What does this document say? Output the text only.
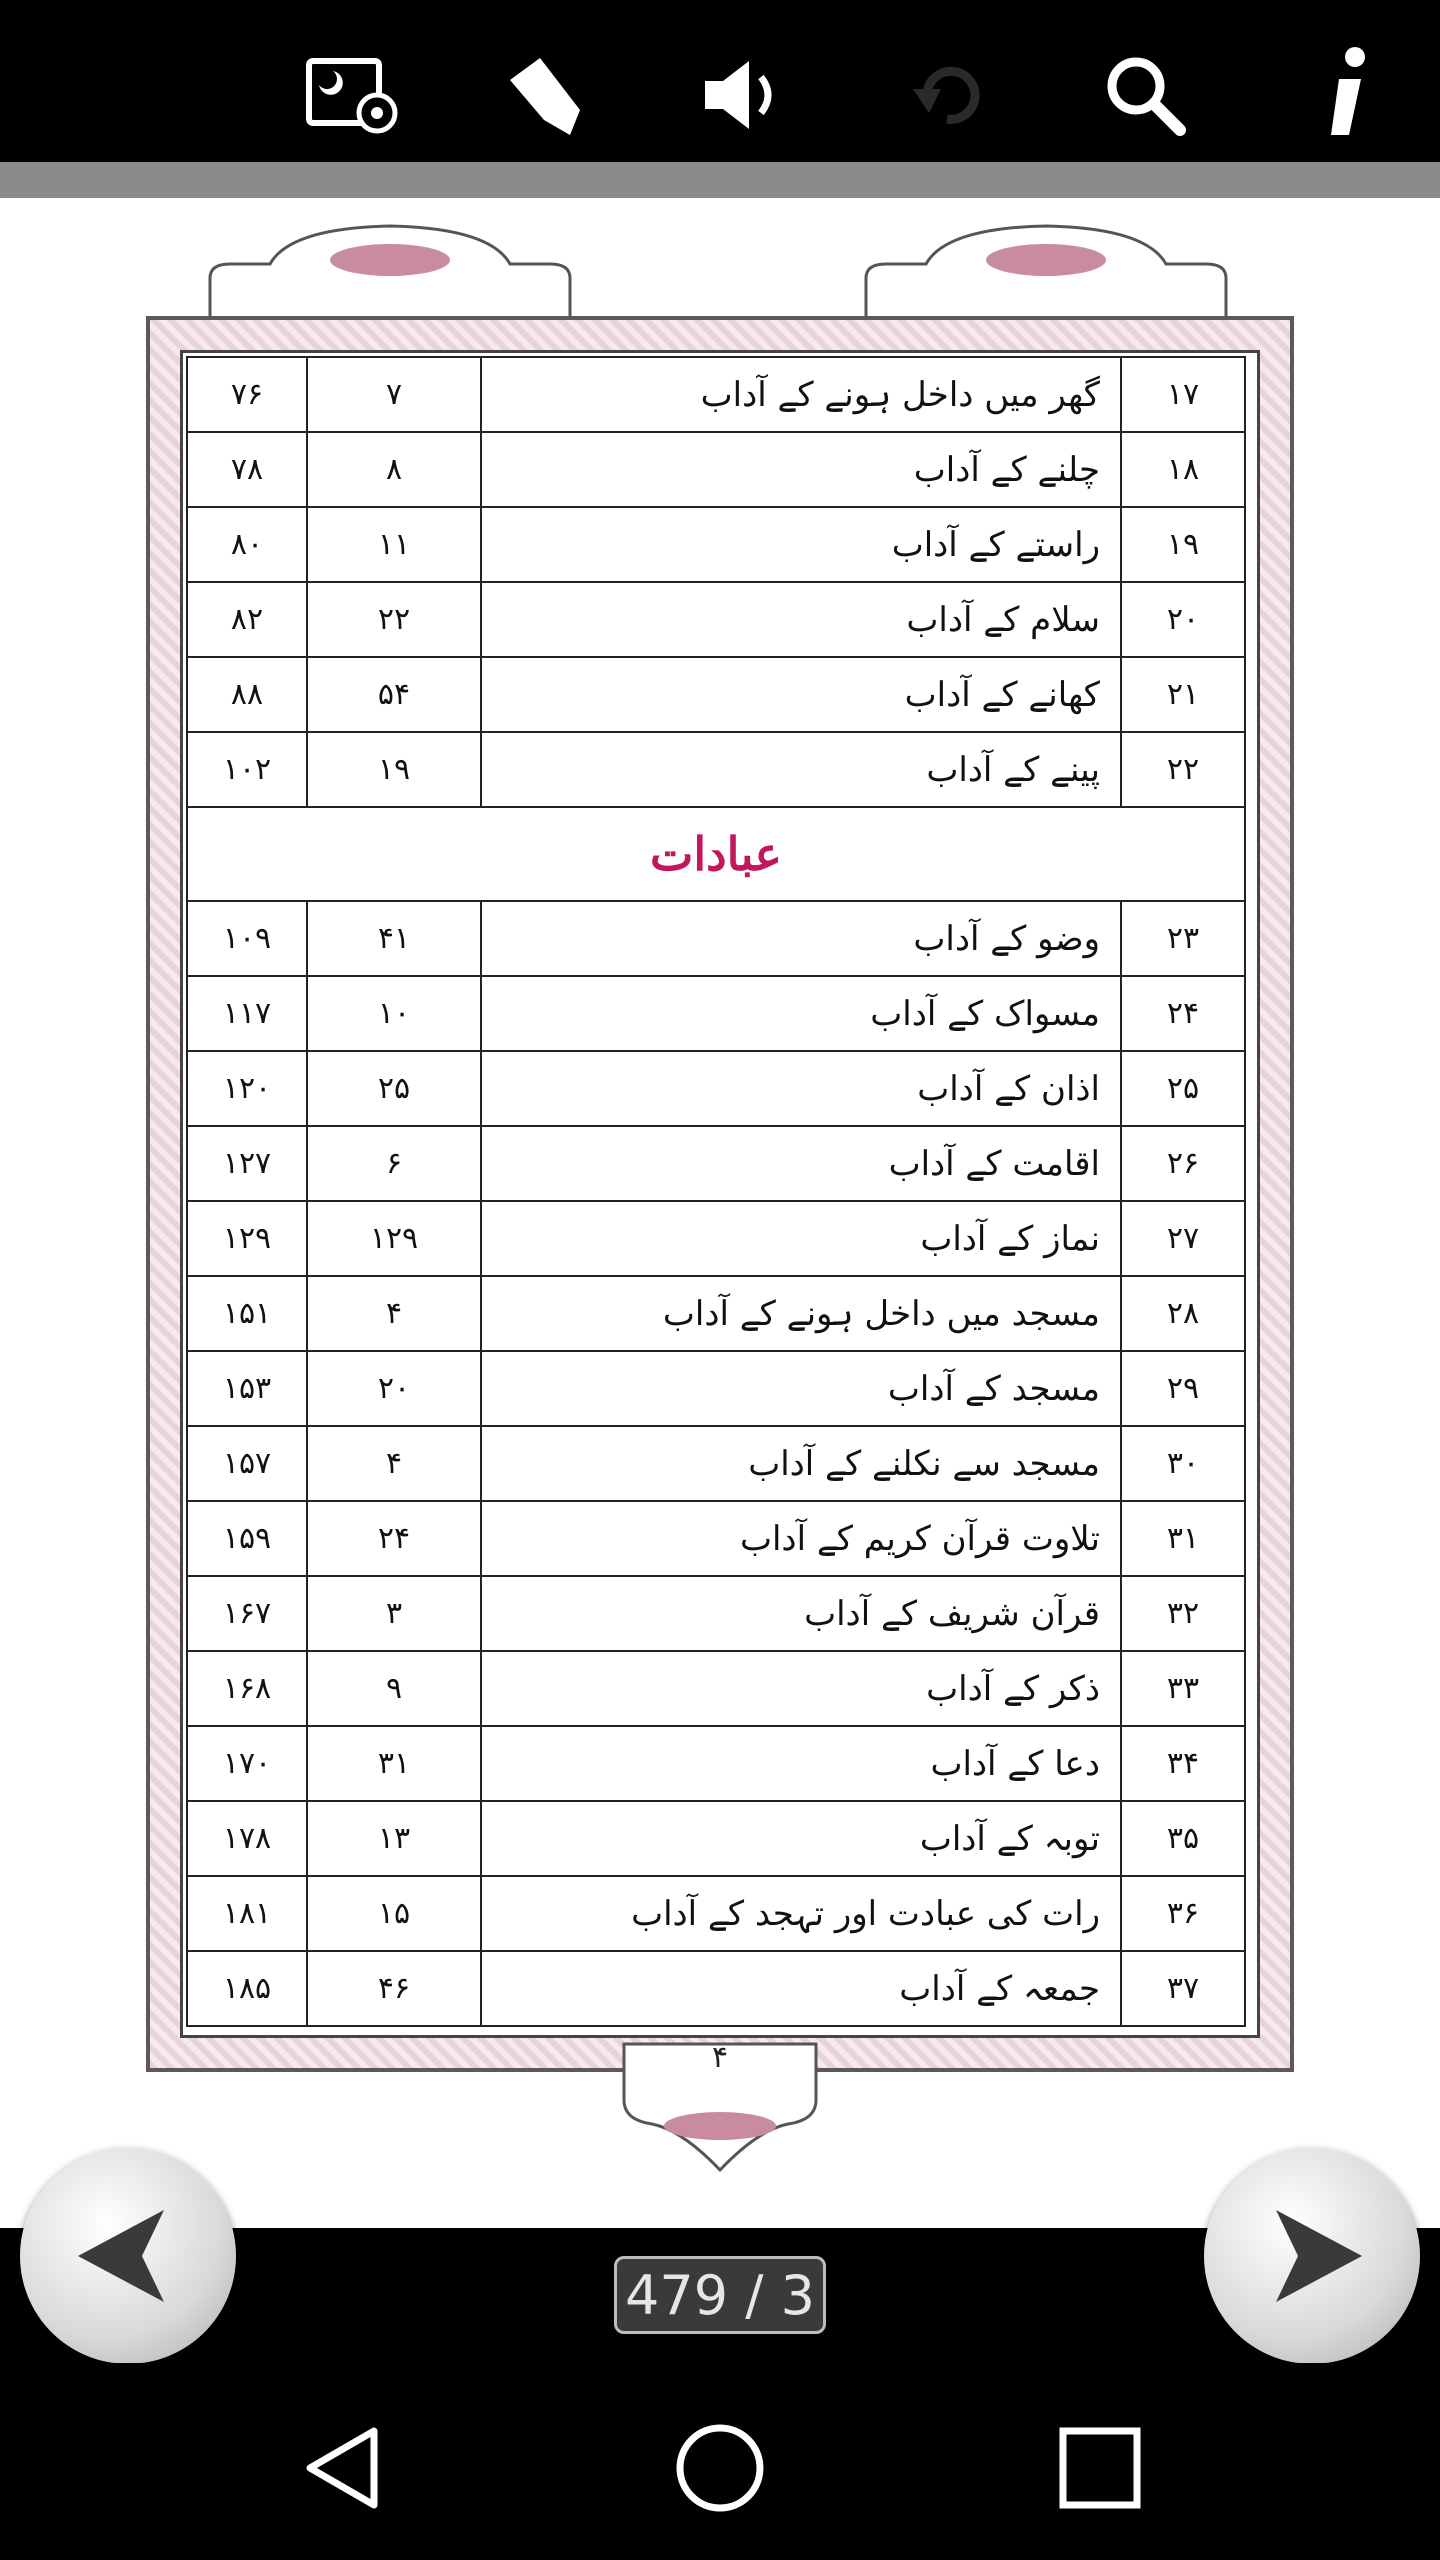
۱۷	گھر میں داخل ہونے کے آداب	۷	۷۶
۱۸	چلنے کے آداب	۸	۷۸
۱۹	راستے کے آداب	۱۱	۸۰
۲۰	سلام کے آداب	۲۲	۸۲
۲۱	کھانے کے آداب	۵۴	۸۸
۲۲	پینے کے آداب	۱۹	۱۰۲
عبادات			
۲۳	وضو کے آداب	۴۱	۱۰۹
۲۴	مسواک کے آداب	۱۰	۱۱۷
۲۵	اذان کے آداب	۲۵	۱۲۰
۲۶	اقامت کے آداب	۶	۱۲۷
۲۷	نماز کے آداب	۱۲۹	۱۲۹
۲۸	مسجد میں داخل ہونے کے آداب	۴	۱۵۱
۲۹	مسجد کے آداب	۲۰	۱۵۳
۳۰	مسجد سے نکلنے کے آداب	۴	۱۵۷
۳۱	تلاوت قرآن کریم کے آداب	۲۴	۱۵۹
۳۲	قرآن شریف کے آداب	۳	۱۶۷
۳۳	ذکر کے آداب	۹	۱۶۸
۳۴	دعا کے آداب	۳۱	۱۷۰
۳۵	توبہ کے آداب	۱۳	۱۷۸
۳۶	رات کی عبادت اور تہجد کے آداب	۱۵	۱۸۱
۳۷	جمعہ کے آداب	۴۶	۱۸۵
۴
479 / 3
